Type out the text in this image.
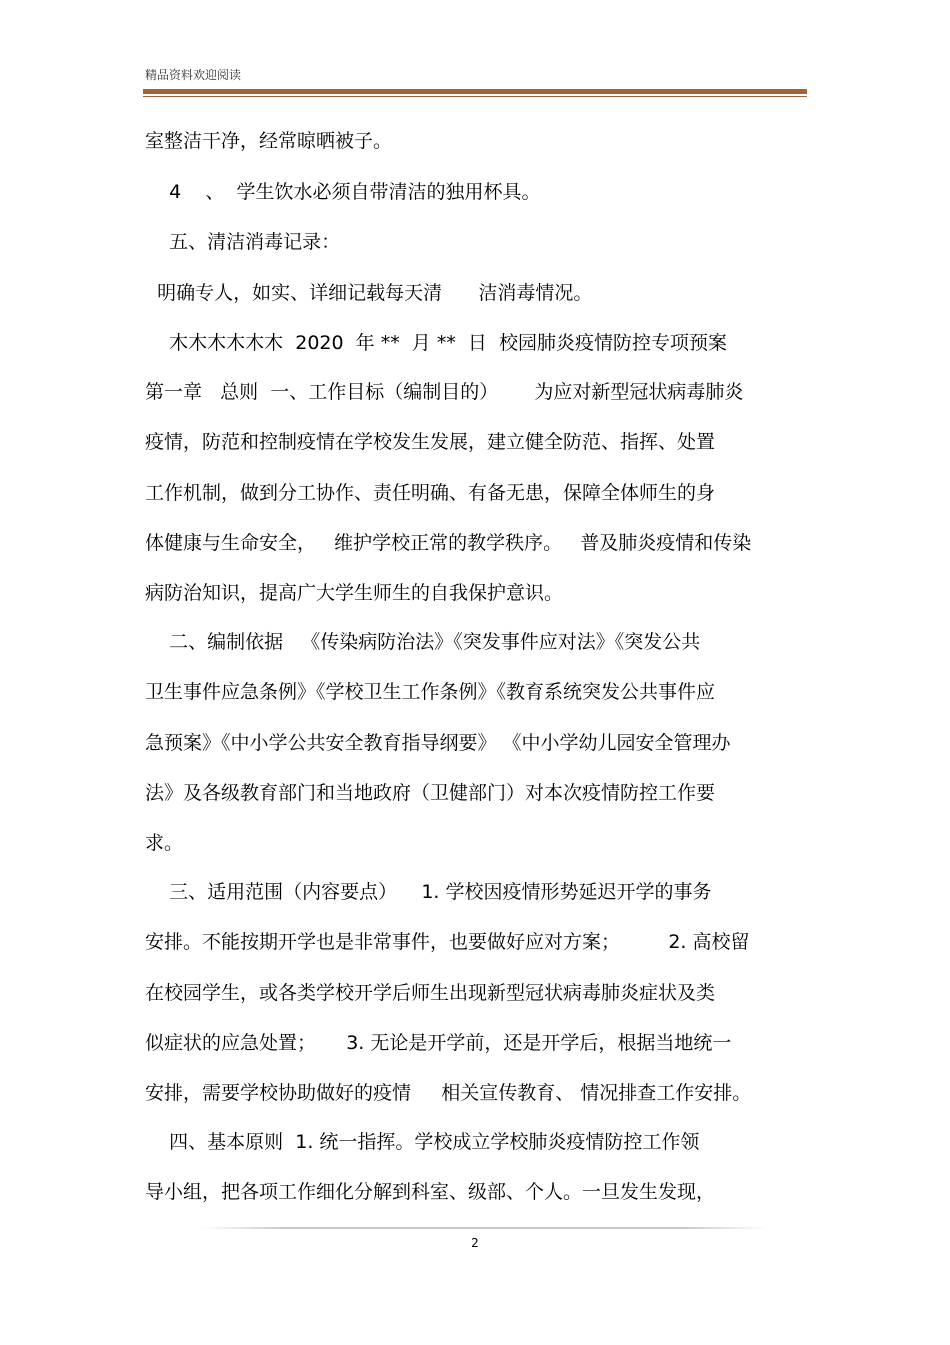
精品资料欢迎阅读
室整洁干净，经常晾晒被子。
4    、  学生饮水必须自带清洁的独用杯具。
五、清洁消毒记录：
明确专人，如实、详细记载每天清      洁消毒情况。
木木木木木木  2020  年 **  月 **  日  校园肺炎疫情防控专项预案
第一章   总则  一、工作目标（编制目的）      为应对新型冠状病毒肺炎
疫情，防范和控制疫情在学校发生发展，建立健全防范、指挥、处置
工作机制，做到分工协作、责任明确、有备无患，保障全体师生的身
体健康与生命安全，   维护学校正常的教学秩序。   普及肺炎疫情和传染
病防治知识，提高广大学生师生的自我保护意识。
二、编制依据   《传染病防治法》《突发事件应对法》《突发公共
卫生事件应急条例》《学校卫生工作条例》《教育系统突发公共事件应
急预案》《中小学公共安全教育指导纲要》 《中小学幼儿园安全管理办
法》及各级教育部门和当地政府（卫健部门）对本次疫情防控工作要
求。
三、适用范围（内容要点）    1. 学校因疫情形势延迟开学的事务
安排。不能按期开学也是非常事件，也要做好应对方案；        2. 高校留
在校园学生，或各类学校开学后师生出现新型冠状病毒肺炎症状及类
似症状的应急处置；     3. 无论是开学前，还是开学后，根据当地统一
安排，需要学校协助做好的疫情     相关宣传教育、 情况排查工作安排。
四、基本原则  1. 统一指挥。学校成立学校肺炎疫情防控工作领
导小组，把各项工作细化分解到科室、级部、个人。一旦发生发现，
2
